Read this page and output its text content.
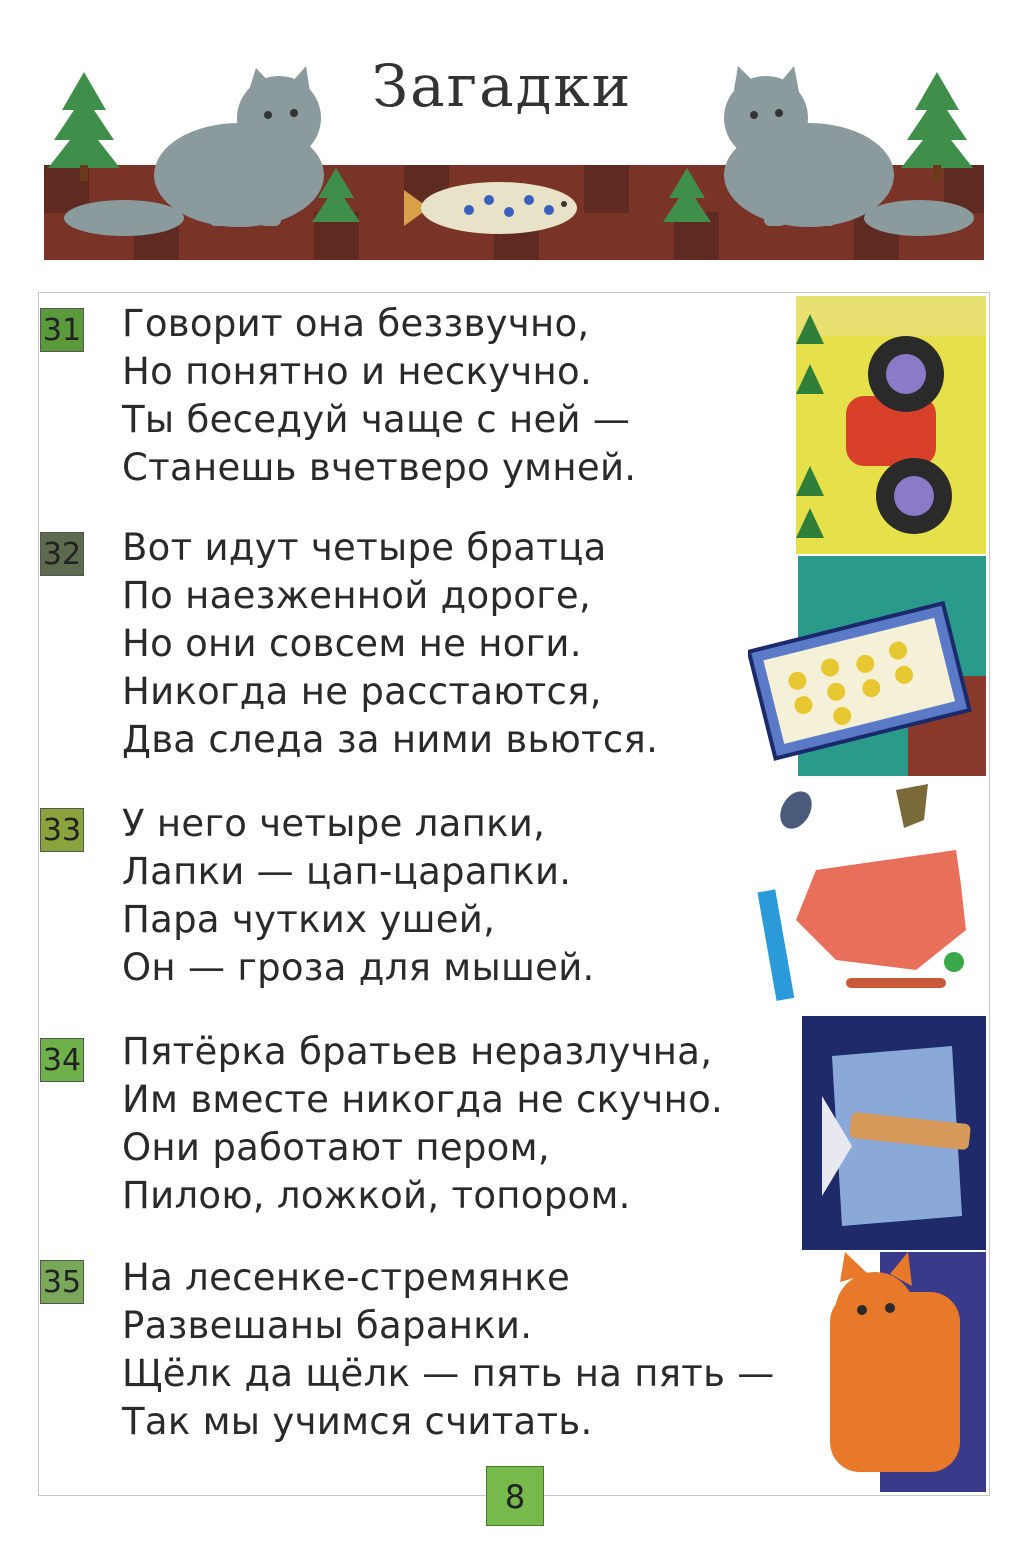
Загадки
31 Говорит она беззвучно,
Но понятно и нескучно.
Ты беседуй чаще с ней —
Станешь вчетверо умней.
32 Вот идут четыре братца
По наезженной дороге,
Но они совсем не ноги.
Никогда не расстаются,
Два следа за ними вьются.
33 У него четыре лапки,
Лапки — цап-царапки.
Пара чутких ушей,
Он — гроза для мышей.
34 Пятёрка братьев неразлучна,
Им вместе никогда не скучно.
Они работают пером,
Пилою, ложкой, топором.
35 На лесенке-стремянке
Развешаны баранки.
Щёлк да щёлк — пять на пять —
Так мы учимся считать.
8
